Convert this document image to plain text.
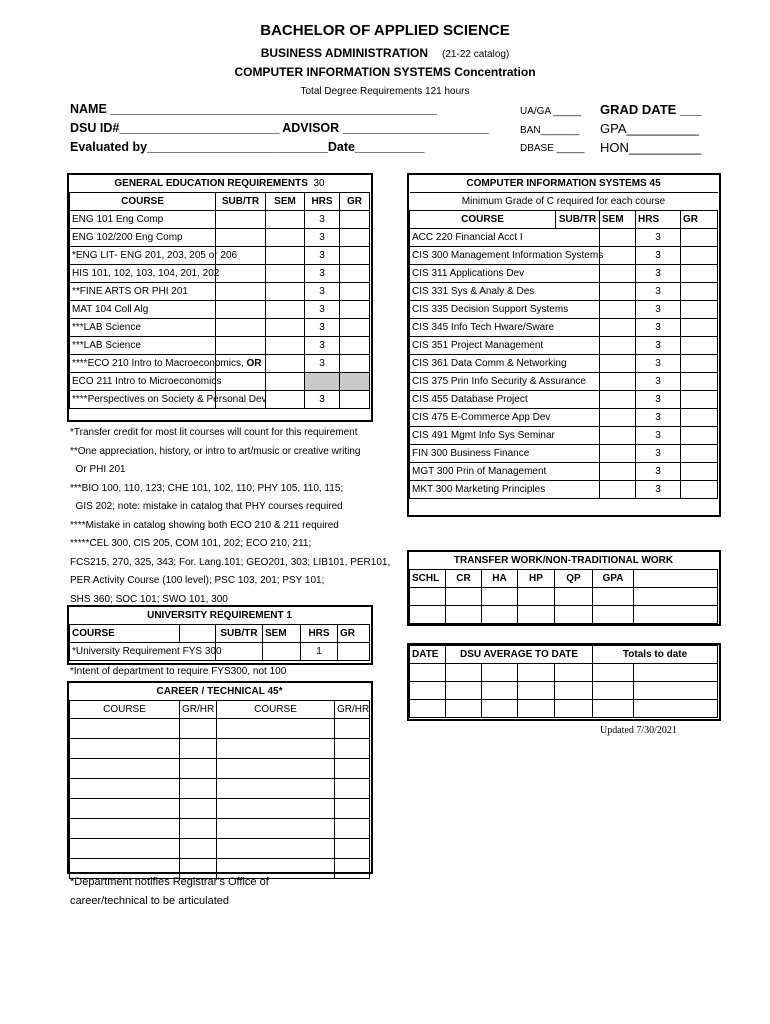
BACHELOR OF APPLIED SCIENCE
BUSINESS ADMINISTRATION (21-22 catalog)
COMPUTER INFORMATION SYSTEMS Concentration
Total Degree Requirements 121 hours
NAME _______________________________________________
DSU ID#_______________________ ADVISOR _____________________
Evaluated by__________________________Date__________
UA/GA _____
BAN_______
DBASE _____
GRAD DATE ___
GPA__________
HON__________
GENERAL EDUCATION REQUIREMENTS 30				
COURSE	SUB/TR	SEM	HRS	GR
ENG 101 Eng Comp			3	
ENG 102/200 Eng Comp			3	
*ENG LIT- ENG 201, 203, 205 or 206			3	
HIS 101, 102, 103, 104, 201, 202			3	
**FINE ARTS OR PHI 201			3	
MAT 104 Coll Alg			3	
***LAB Science			3	
***LAB Science			3	
****ECO 210 Intro to Macroeconomics, OR			3	
ECO 211 Intro to Microeconomics				
****Perspectives on Society & Personal Dev			3	
*Transfer credit for most lit courses will count for this requirement
**One appreciation, history, or intro to art/music or creative writing
Or PHI 201
***BIO 100, 110, 123; CHE 101, 102, 110; PHY 105, 110, 115;
GIS 202; note: mistake in catalog that PHY courses required
****Mistake in catalog showing both ECO 210 & 211 required
*****CEL 300, CIS 205, COM 101, 202; ECO 210, 211;
FCS215, 270, 325, 343; For. Lang.101; GEO201, 303; LIB101, PER101,
PER Activity Course (100 level); PSC 103, 201; PSY 101;
SHS 360; SOC 101; SWO 101, 300
UNIVERSITY REQUIREMENT 1					
COURSE		SUB/TR	SEM	HRS	GR
*University Requirement FYS 300				1	
*Intent of department to require FYS300, not 100
CAREER / TECHNICAL 45*			
COURSE	GR/HR	COURSE	GR/HR

*Department notifies Registrar's Office of
career/technical to be articulated
COMPUTER INFORMATION SYSTEMS 45				
Minimum Grade of C required for each course				
COURSE	SUB/TR	SEM	HRS	GR
ACC 220 Financial Acct I			3	
CIS 300 Management Information Systems			3	
CIS 311 Applications Dev			3	
CIS 331 Sys & Analy & Des			3	
CIS 335 Decision Support Systems			3	
CIS 345 Info Tech Hware/Sware			3	
CIS 351 Project Management			3	
CIS 361 Data Comm & Networking			3	
CIS 375 Prin Info Security & Assurance			3	
CIS 455 Database Project			3	
CIS 475 E-Commerce App Dev			3	
CIS 491 Mgmt Info Sys Seminar			3	
FIN 300 Business Finance			3	
MGT 300 Prin of Management			3	
MKT 300 Marketing Principles			3	
TRANSFER WORK/NON-TRADITIONAL WORK						
SCHL	CR	HA	HP	QP	GPA	

DATE	DSU AVERAGE TO DATE				Totals to date	

Updated 7/30/2021
